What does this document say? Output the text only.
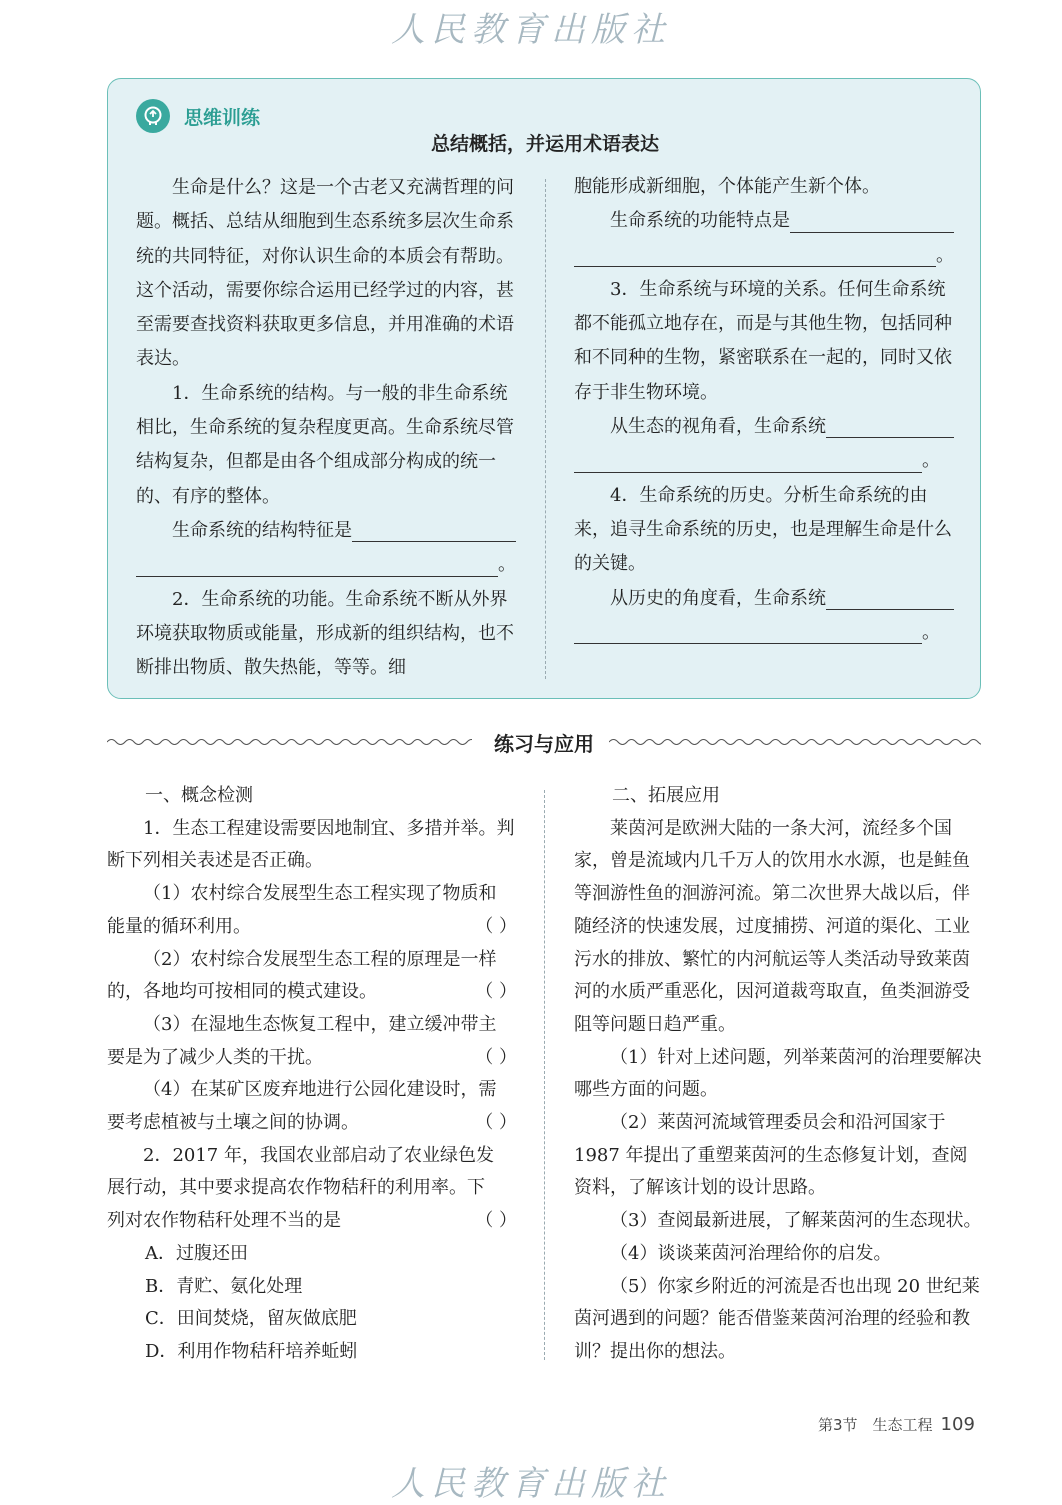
人民教育出版社
思维训练
总结概括，并运用术语表达

生命是什么？这是一个古老又充满哲理的问题。概括、总结从细胞到生态系统多层次生命系统的共同特征，对你认识生命的本质会有帮助。这个活动，需要你综合运用已经学过的内容，甚至需要查找资料获取更多信息，并用准确的术语表达。

1．生命系统的结构。与一般的非生命系统相比，生命系统的复杂程度更高。生命系统尽管结构复杂，但都是由各个组成部分构成的统一的、有序的整体。

生命系统的结构特征是

。

2．生命系统的功能。生命系统不断从外界环境获取物质或能量，形成新的组织结构，也不断排出物质、散失热能，等等。细

练习与应用

一、概念检测

1．生态工程建设需要因地制宜、多措并举。判断下列相关表述是否正确。

（1）农村综合发展型生态工程实现了物质和

能量的循环利用。	（ ）

（2）农村综合发展型生态工程的原理是一样

的，各地均可按相同的模式建设。	（ ）

（3）在湿地生态恢复工程中，建立缓冲带主

要是为了减少人类的干扰。	（ ）

（4）在某矿区废弃地进行公园化建设时，需

要考虑植被与土壤之间的协调。	（ ）

2．2017 年，我国农业部启动了农业绿色发

展行动，其中要求提高农作物秸秆的利用率。下

列对农作物秸秆处理不当的是	（ ）

A．过腹还田

B．青贮、氨化处理

C．田间焚烧，留灰做底肥

D．利用作物秸秆培养蚯蚓

二、拓展应用

莱茵河是欧洲大陆的一条大河，流经多个国家，曾是流域内几千万人的饮用水水源，也是鲑鱼等洄游性鱼的洄游河流。第二次世界大战以后，伴随经济的快速发展，过度捕捞、河道的渠化、工业污水的排放、繁忙的内河航运等人类活动导致莱茵河的水质严重恶化，因河道裁弯取直，鱼类洄游受阻等问题日趋严重。

（1）针对上述问题，列举莱茵河的治理要解决哪些方面的问题。

（2）莱茵河流域管理委员会和沿河国家于 1987 年提出了重塑莱茵河的生态修复计划，查阅资料，了解该计划的设计思路。

（3）查阅最新进展，了解莱茵河的生态现状。

（4）谈谈莱茵河治理给你的启发。

（5）你家乡附近的河流是否也出现 20 世纪莱茵河遇到的问题？能否借鉴莱茵河治理的经验和教训？提出你的想法。

第3节　生态工程 109
人民教育出版社

胞能形成新细胞，个体能产生新个体。

生命系统的功能特点是

。

3．生命系统与环境的关系。任何生命系统都不能孤立地存在，而是与其他生物，包括同种和不同种的生物，紧密联系在一起的，同时又依存于非生物环境。

从生态的视角看，生命系统

。

4．生命系统的历史。分析生命系统的由来，追寻生命系统的历史，也是理解生命是什么的关键。

从历史的角度看，生命系统

。
